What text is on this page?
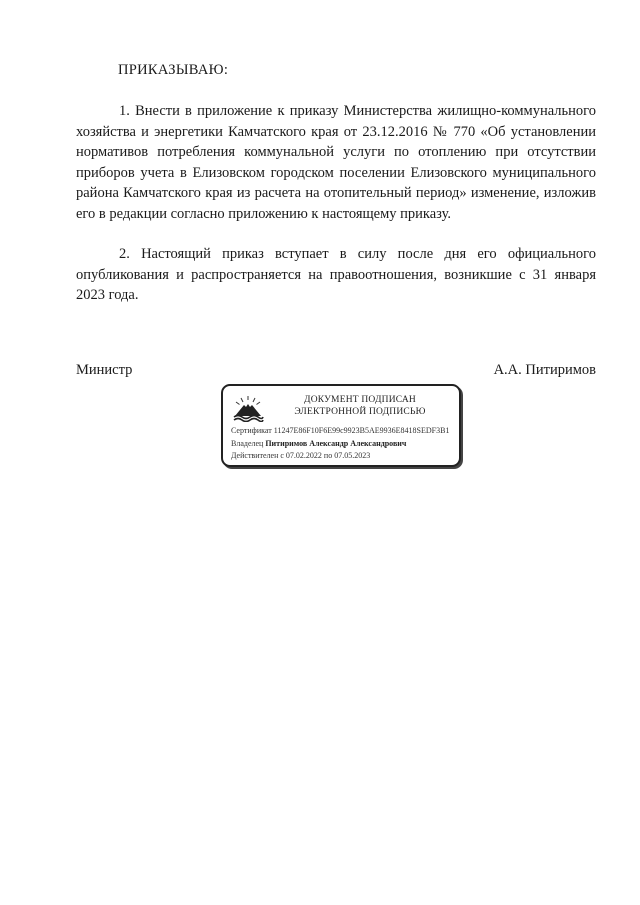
ПРИКАЗЫВАЮ:

1. Внести в приложение к приказу Министерства жилищно-коммунального хозяйства и энергетики Камчатского края от 23.12.2016 № 770 «Об установлении нормативов потребления коммунальной услуги по отоплению при отсутствии приборов учета в Елизовском городском поселении Елизовского муниципального района Камчатского края из расчета на отопительный период» изменение, изложив его в редакции согласно приложению к настоящему приказу.

2. Настоящий приказ вступает в силу после дня его официального опубликования и распространяется на правоотношения, возникшие с 31 января 2023 года.

Министр	А.А. Питиримов
ДОКУМЕНТ ПОДПИСАН
ЭЛЕКТРОННОЙ ПОДПИСЬЮ
Сертификат 11247E86F10F6E99c9923B5AE9936E8418SEDF3B1
Владелец Питиримов Александр Александрович
Действителен с 07.02.2022 по 07.05.2023
